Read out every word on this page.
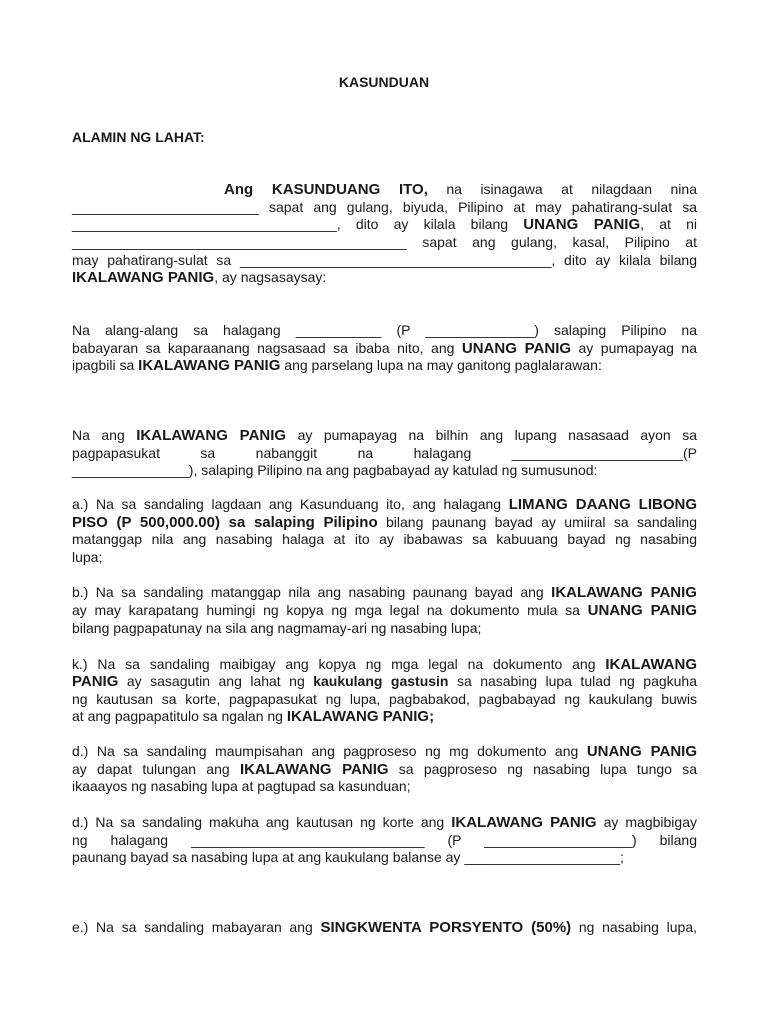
KASUNDUAN
ALAMIN NG LAHAT:
Ang KASUNDUANG ITO, na isinagawa at nilagdaan nina
________________________ sapat ang gulang, biyuda, Pilipino at may pahatirang-sulat sa
__________________________________, dito ay kilala bilang UNANG PANIG, at ni
___________________________________________ sapat ang gulang, kasal, Pilipino at
may pahatirang-sulat sa ________________________________________, dito ay kilala bilang
IKALAWANG PANIG, ay nagsasaysay:
Na alang-alang sa halagang ___________ (P ______________) salaping Pilipino na
babayaran sa kaparaanang nagsasaad sa ibaba nito, ang UNANG PANIG ay pumapayag na
ipagbili sa IKALAWANG PANIG ang parselang lupa na may ganitong paglalarawan:
Na ang IKALAWANG PANIG ay pumapayag na bilhin ang lupang nasasaad ayon sa
pagpapasukat sa nabanggit na halagang ______________________(P
_______________), salaping Pilipino na ang pagbabayad ay katulad ng sumusunod:
a.) Na sa sandaling lagdaan ang Kasunduang ito, ang halagang LIMANG DAANG LIBONG
PISO (P 500,000.00) sa salaping Pilipino bilang paunang bayad ay umiiral sa sandaling
matanggap nila ang nasabing halaga at ito ay ibabawas sa kabuuang bayad ng nasabing
lupa;
b.) Na sa sandaling matanggap nila ang nasabing paunang bayad ang IKALAWANG PANIG
ay may karapatang humingi ng kopya ng mga legal na dokumento mula sa UNANG PANIG
bilang pagpapatunay na sila ang nagmamay-ari ng nasabing lupa;
k.) Na sa sandaling maibigay ang kopya ng mga legal na dokumento ang IKALAWANG
PANIG ay sasagutin ang lahat ng kaukulang gastusin sa nasabing lupa tulad ng pagkuha
ng kautusan sa korte, pagpapasukat ng lupa, pagbabakod, pagbabayad ng kaukulang buwis
at ang pagpapatitulo sa ngalan ng IKALAWANG PANIG;
d.) Na sa sandaling maumpisahan ang pagproseso ng mg dokumento ang UNANG PANIG
ay dapat tulungan ang IKALAWANG PANIG sa pagproseso ng nasabing lupa tungo sa
ikaaayos ng nasabing lupa at pagtupad sa kasunduan;
d.) Na sa sandaling makuha ang kautusan ng korte ang IKALAWANG PANIG ay magbibigay
ng halagang ______________________________ (P ___________________) bilang
paunang bayad sa nasabing lupa at ang kaukulang balanse ay ____________________;
e.) Na sa sandaling mabayaran ang SINGKWENTA PORSYENTO (50%) ng nasabing lupa,
